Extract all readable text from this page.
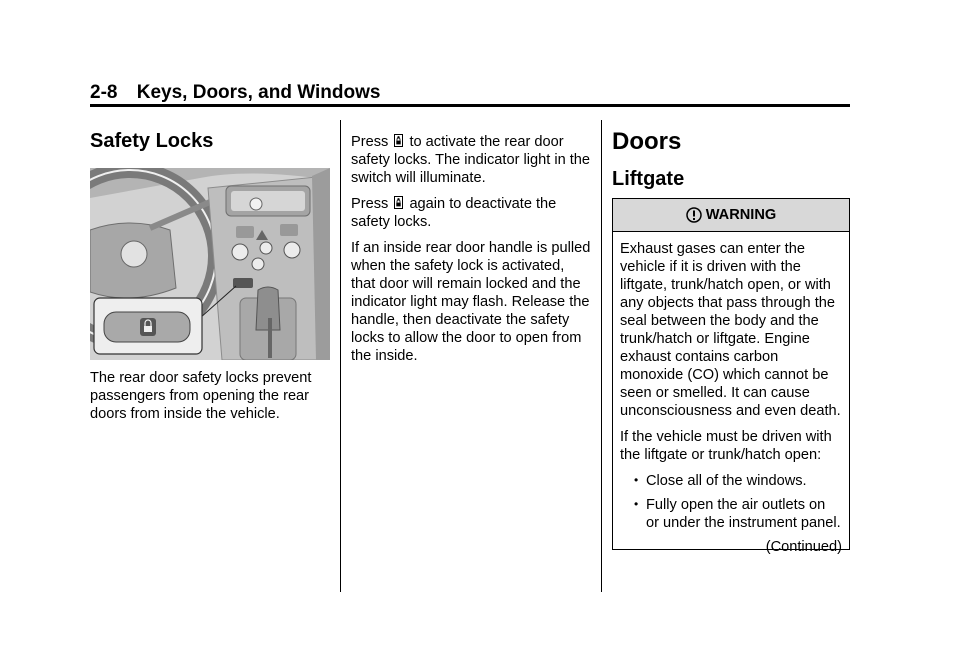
2-8 Keys, Doors, and Windows
Safety Locks
The rear door safety locks prevent passengers from opening the rear doors from inside the vehicle.

Press to activate the rear door safety locks. The indicator light in the switch will illuminate.

Press again to deactivate the safety locks.

If an inside rear door handle is pulled when the safety lock is activated, that door will remain locked and the indicator light may flash. Release the handle, then deactivate the safety locks to allow the door to open from the inside.

Doors
Liftgate
WARNING

Exhaust gases can enter the vehicle if it is driven with the liftgate, trunk/hatch open, or with any objects that pass through the seal between the body and the trunk/hatch or liftgate. Engine exhaust contains carbon monoxide (CO) which cannot be seen or smelled. It can cause unconsciousness and even death.

If the vehicle must be driven with the liftgate or trunk/hatch open:

• Close all of the windows.
• Fully open the air outlets on or under the instrument panel.
(Continued)
